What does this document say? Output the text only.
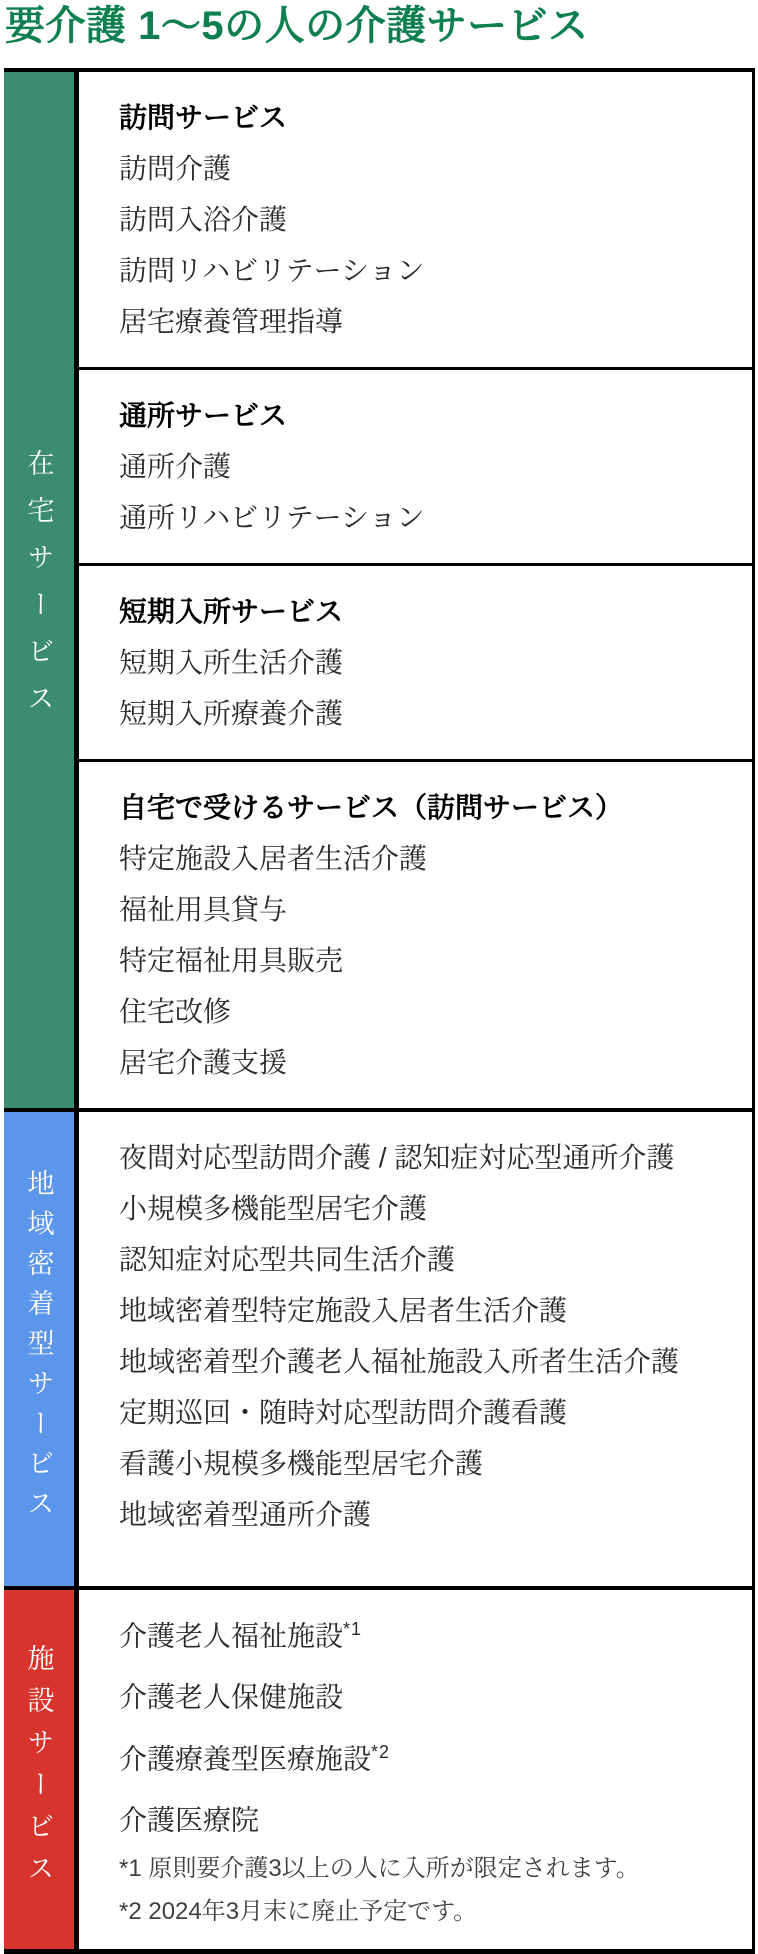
要介護 1〜5の人の介護サービス
在宅サービス
訪問サービス
訪問介護
訪問入浴介護
訪問リハビリテーション
居宅療養管理指導
通所サービス
通所介護
通所リハビリテーション
短期入所サービス
短期入所生活介護
短期入所療養介護
自宅で受けるサービス（訪問サービス）
特定施設入居者生活介護
福祉用具貸与
特定福祉用具販売
住宅改修
居宅介護支援
地域密着型サービス
夜間対応型訪問介護 / 認知症対応型通所介護
小規模多機能型居宅介護
認知症対応型共同生活介護
地域密着型特定施設入居者生活介護
地域密着型介護老人福祉施設入所者生活介護
定期巡回・随時対応型訪問介護看護
看護小規模多機能型居宅介護
地域密着型通所介護
施設サービス
介護老人福祉施設$^{*1}$
介護老人保健施設
介護療養型医療施設$^{*2}$
介護医療院
*1 原則要介護3以上の人に入所が限定されます。
*2 2024年3月末に廃止予定です。
